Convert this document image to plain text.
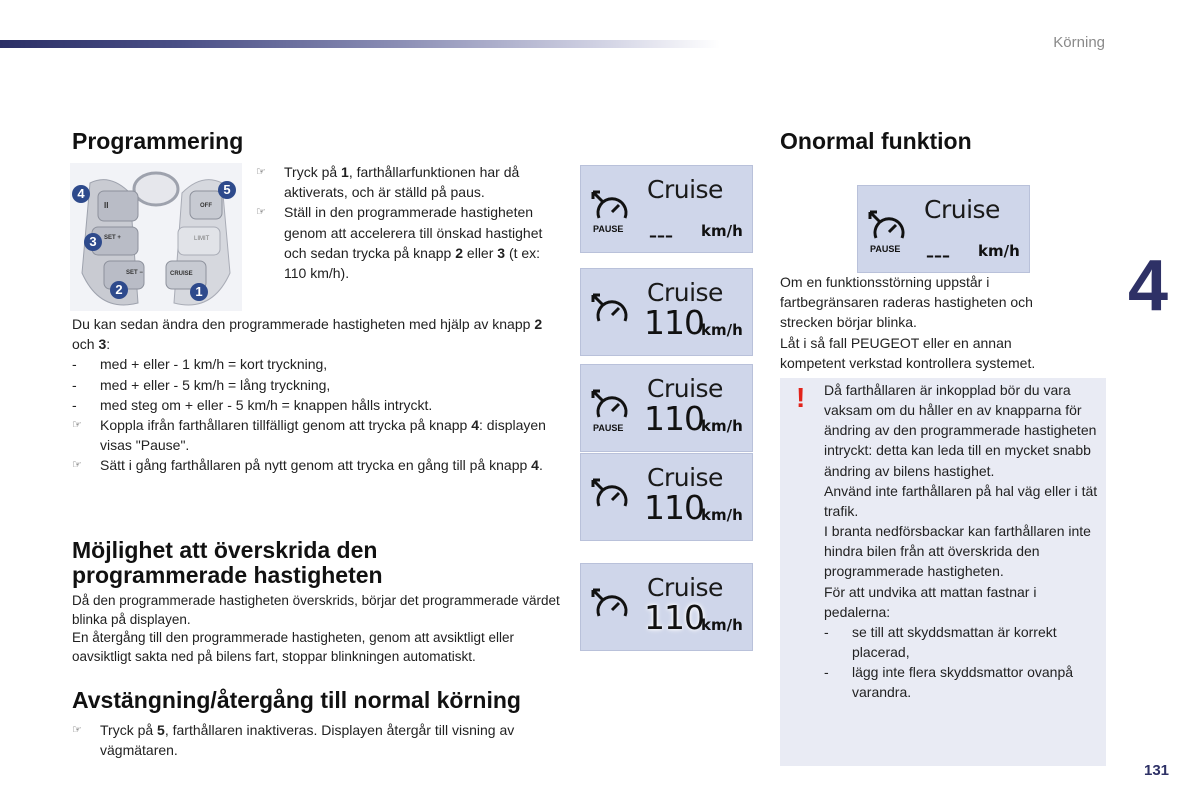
Körning
4
131
Programmering
II
SET +
SET −
LIMIT
CRUISE
OFF
4	5
3
2	1
☞ Tryck på 1, farthållarfunktionen har då aktiverats, och är ställd på paus.
☞ Ställ in den programmerade hastigheten genom att accelerera till önskad hastighet och sedan trycka på knapp 2 eller 3 (t ex: 110 km/h).
Du kan sedan ändra den programmerade hastigheten med hjälp av knapp 2 och 3:
- med + eller - 1 km/h = kort tryckning,
- med + eller - 5 km/h = lång tryckning,
- med steg om + eller - 5 km/h = knappen hålls intryckt.
☞ Koppla ifrån farthållaren tillfälligt genom att trycka på knapp 4: displayen visas "Pause".
☞ Sätt i gång farthållaren på nytt genom att trycka en gång till på knapp 4.
Möjlighet att överskrida den
programmerade hastigheten
Då den programmerade hastigheten överskrids, börjar det programmerade värdet blinka på displayen.
En återgång till den programmerade hastigheten, genom att avsiktligt eller oavsiktligt sakta ned på bilens fart, stoppar blinkningen automatiskt.
Avstängning/återgång till normal körning
☞ Tryck på 5, farthållaren inaktiveras. Displayen återgår till visning av vägmätaren.
PAUSE
Cruise
––– km/h
Cruise
110
km/h
PAUSE
Cruise
110
km/h
Cruise
110
km/h
Cruise
110
km/h
Onormal funktion
PAUSE
Cruise
––– km/h
Om en funktionsstörning uppstår i fartbegränsaren raderas hastigheten och strecken börjar blinka.
Låt i så fall PEUGEOT eller en annan kompetent verkstad kontrollera systemet.
! Då farthållaren är inkopplad bör du vara vaksam om du håller en av knapparna för ändring av den programmerade hastigheten intryckt: detta kan leda till en mycket snabb ändring av bilens hastighet.
Använd inte farthållaren på hal väg eller i tät trafik.
I branta nedförsbackar kan farthållaren inte hindra bilen från att överskrida den programmerade hastigheten.
För att undvika att mattan fastnar i pedalerna:
- se till att skyddsmattan är korrekt placerad,
- lägg inte flera skyddsmattor ovanpå varandra.
